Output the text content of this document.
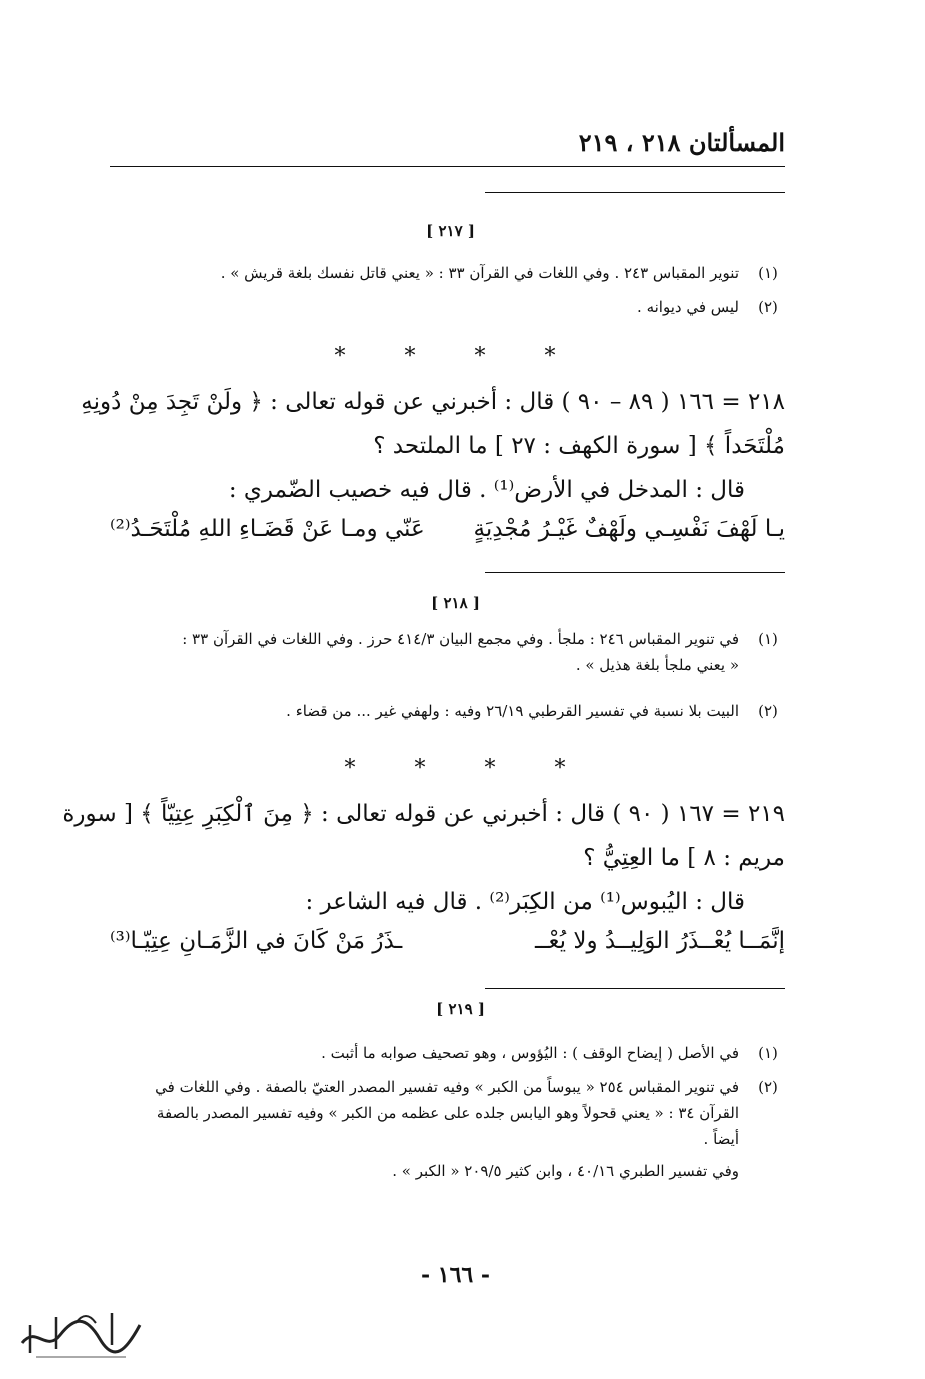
المسألتان ٢١٨ ، ٢١٩
[ ٢١٧ ]
(١)
تنوير المقباس ٢٤٣ . وفي اللغات في القرآن ٣٣ : « يعني قاتل نفسك بلغة قريش » .
(٢)
ليس في ديوانه .
****
٢١٨ = ١٦٦ ( ٨٩ – ٩٠ ) قال : أخبرني عن قوله تعالى : ﴿ ولَنْ تَجِدَ مِنْ دُونِهِ
مُلْتَحَداً ﴾ [ سورة الكهف : ٢٧ ] ما الملتحد ؟
قال : المدخل في الأرض⁽¹⁾ . قال فيه خصيب الضّمري :
يـا لَهْفَ نَفْسِـي ولَهْفٌ غَيْـرُ مُجْدِيَةٍ
عَنّي ومـا عَنْ قَضَـاءِ اللهِ مُلْتَحَـدُ⁽²⁾
[ ٢١٨ ]
(١)
في تنوير المقباس ٢٤٦ : ملجأ . وفي مجمع البيان ٤١٤/٣ حرز . وفي اللغات في القرآن ٣٣ :
« يعني ملجأ بلغة هذيل » .
(٢)
البيت بلا نسبة في تفسير القرطبي ٢٦/١٩ وفيه : ولهفي غير ... من قضاء .
****
٢١٩ = ١٦٧ ( ٩٠ ) قال : أخبرني عن قوله تعالى : ﴿ مِنَ ٱلْكِبَرِ عِتِيّاً ﴾ [ سورة
مريم : ٨ ] ما العِتِيُّ ؟
قال : اليُبوس⁽¹⁾ من الكِبَر⁽²⁾ . قال فيه الشاعر :
إنَّمَــا يُعْــذَرُ الوَلِيــدُ ولا يُعْــ
ـذَرُ مَنْ كَانَ في الزَّمَـانِ عِتِيّـا⁽³⁾
[ ٢١٩ ]
(١)
في الأصل ( إيضاح الوقف ) : اليُؤوس ، وهو تصحيف صوابه ما أثبت .
(٢)
في تنوير المقباس ٢٥٤ « يبوساً من الكبر » وفيه تفسير المصدر العتيّ بالصفة . وفي اللغات في
القرآن ٣٤ : « يعني قحولاً وهو اليابس جلده على عظمه من الكبر » وفيه تفسير المصدر بالصفة
أيضاً .
وفي تفسير الطبري ٤٠/١٦ ، وابن كثير ٢٠٩/٥ « الكبر » .
- ١٦٦ -
